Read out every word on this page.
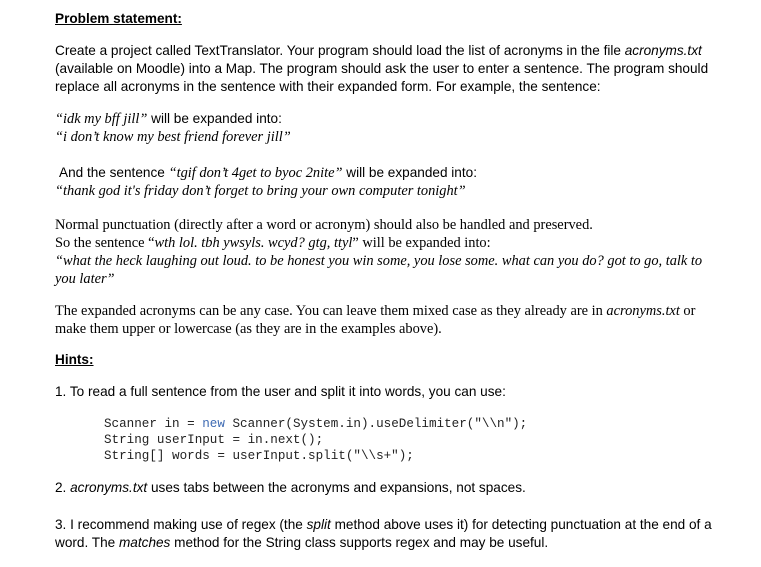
Problem statement:

Create a project called TextTranslator. Your program should load the list of acronyms in the file acronyms.txt

(available on Moodle) into a Map. The program should ask the user to enter a sentence. The program should

replace all acronyms in the sentence with their expanded form. For example, the sentence:

“idk my bff jill” will be expanded into:

“i don’t know my best friend forever jill”

And the sentence “tgif don’t 4get to byoc 2nite” will be expanded into:

“thank god it's friday don’t forget to bring your own computer tonight”

Normal punctuation (directly after a word or acronym) should also be handled and preserved.

So the sentence “wth lol. tbh ywsyls. wcyd? gtg, ttyl” will be expanded into:

“what the heck laughing out loud. to be honest you win some, you lose some. what can you do? got to go, talk to

you later”

The expanded acronyms can be any case. You can leave them mixed case as they already are in acronyms.txt or

make them upper or lowercase (as they are in the examples above).

Hints:

1. To read a full sentence from the user and split it into words, you can use:

Scanner in = new Scanner(System.in).useDelimiter("\\n");

String userInput = in.next();

String[] words = userInput.split("\\s+");

2. acronyms.txt uses tabs between the acronyms and expansions, not spaces.

3. I recommend making use of regex (the split method above uses it) for detecting punctuation at the end of a

word. The matches method for the String class supports regex and may be useful.
